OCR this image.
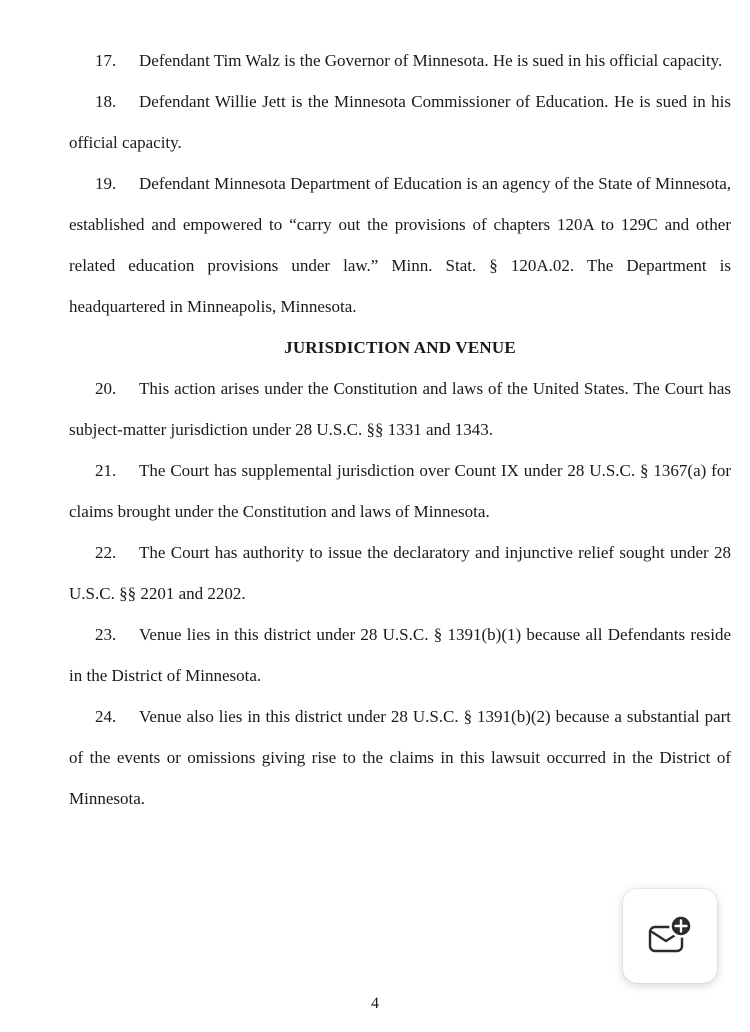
17. Defendant Tim Walz is the Governor of Minnesota. He is sued in his official capacity.

18. Defendant Willie Jett is the Minnesota Commissioner of Education. He is sued in his official capacity.

19. Defendant Minnesota Department of Education is an agency of the State of Minnesota, established and empowered to “carry out the provisions of chapters 120A to 129C and other related education provisions under law.” Minn. Stat. § 120A.02. The Department is headquartered in Minneapolis, Minnesota.

JURISDICTION AND VENUE

20. This action arises under the Constitution and laws of the United States. The Court has subject-matter jurisdiction under 28 U.S.C. §§ 1331 and 1343.

21. The Court has supplemental jurisdiction over Count IX under 28 U.S.C. § 1367(a) for claims brought under the Constitution and laws of Minnesota.

22. The Court has authority to issue the declaratory and injunctive relief sought under 28 U.S.C. §§ 2201 and 2202.

23. Venue lies in this district under 28 U.S.C. § 1391(b)(1) because all Defendants reside in the District of Minnesota.

24. Venue also lies in this district under 28 U.S.C. § 1391(b)(2) because a substantial part of the events or omissions giving rise to the claims in this lawsuit occurred in the District of Minnesota.

4
